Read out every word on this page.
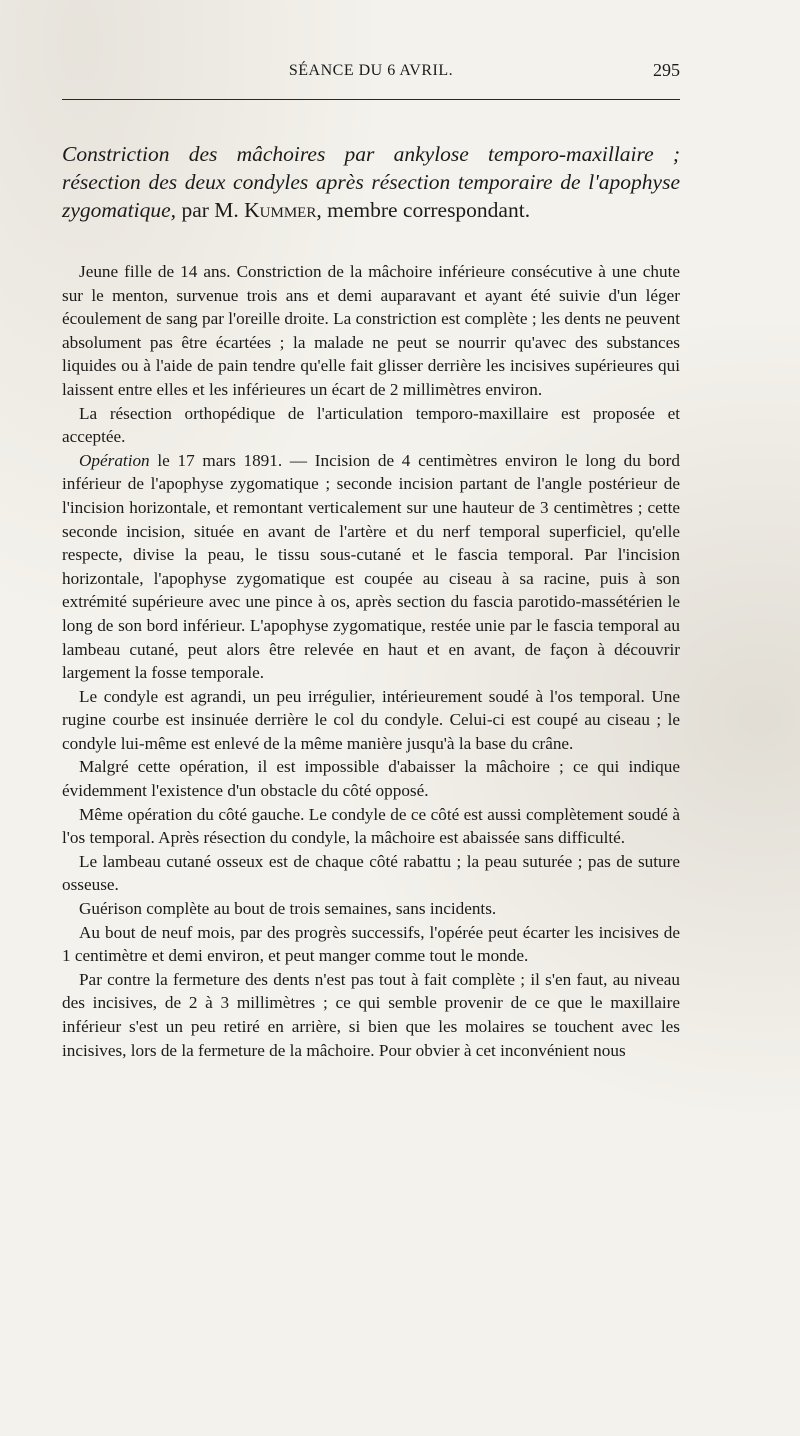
SÉANCE DU 6 AVRIL.	295
Constriction des mâchoires par ankylose temporo-maxillaire ; résection des deux condyles après résection temporaire de l'apophyse zygomatique, par M. Kummer, membre correspondant.

Jeune fille de 14 ans. Constriction de la mâchoire inférieure consécutive à une chute sur le menton, survenue trois ans et demi auparavant et ayant été suivie d'un léger écoulement de sang par l'oreille droite. La constriction est complète ; les dents ne peuvent absolument pas être écartées ; la malade ne peut se nourrir qu'avec des substances liquides ou à l'aide de pain tendre qu'elle fait glisser derrière les incisives supérieures qui laissent entre elles et les inférieures un écart de 2 millimètres environ.

La résection orthopédique de l'articulation temporo-maxillaire est proposée et acceptée.

Opération le 17 mars 1891. — Incision de 4 centimètres environ le long du bord inférieur de l'apophyse zygomatique ; seconde incision partant de l'angle postérieur de l'incision horizontale, et remontant verticalement sur une hauteur de 3 centimètres ; cette seconde incision, située en avant de l'artère et du nerf temporal superficiel, qu'elle respecte, divise la peau, le tissu sous-cutané et le fascia temporal. Par l'incision horizontale, l'apophyse zygomatique est coupée au ciseau à sa racine, puis à son extrémité supérieure avec une pince à os, après section du fascia parotido-massétérien le long de son bord inférieur. L'apophyse zygomatique, restée unie par le fascia temporal au lambeau cutané, peut alors être relevée en haut et en avant, de façon à découvrir largement la fosse temporale.

Le condyle est agrandi, un peu irrégulier, intérieurement soudé à l'os temporal. Une rugine courbe est insinuée derrière le col du condyle. Celui-ci est coupé au ciseau ; le condyle lui-même est enlevé de la même manière jusqu'à la base du crâne.

Malgré cette opération, il est impossible d'abaisser la mâchoire ; ce qui indique évidemment l'existence d'un obstacle du côté opposé.

Même opération du côté gauche. Le condyle de ce côté est aussi complètement soudé à l'os temporal. Après résection du condyle, la mâchoire est abaissée sans difficulté.

Le lambeau cutané osseux est de chaque côté rabattu ; la peau suturée ; pas de suture osseuse.

Guérison complète au bout de trois semaines, sans incidents.

Au bout de neuf mois, par des progrès successifs, l'opérée peut écarter les incisives de 1 centimètre et demi environ, et peut manger comme tout le monde.

Par contre la fermeture des dents n'est pas tout à fait complète ; il s'en faut, au niveau des incisives, de 2 à 3 millimètres ; ce qui semble provenir de ce que le maxillaire inférieur s'est un peu retiré en arrière, si bien que les molaires se touchent avec les incisives, lors de la fermeture de la mâchoire. Pour obvier à cet inconvénient nous
